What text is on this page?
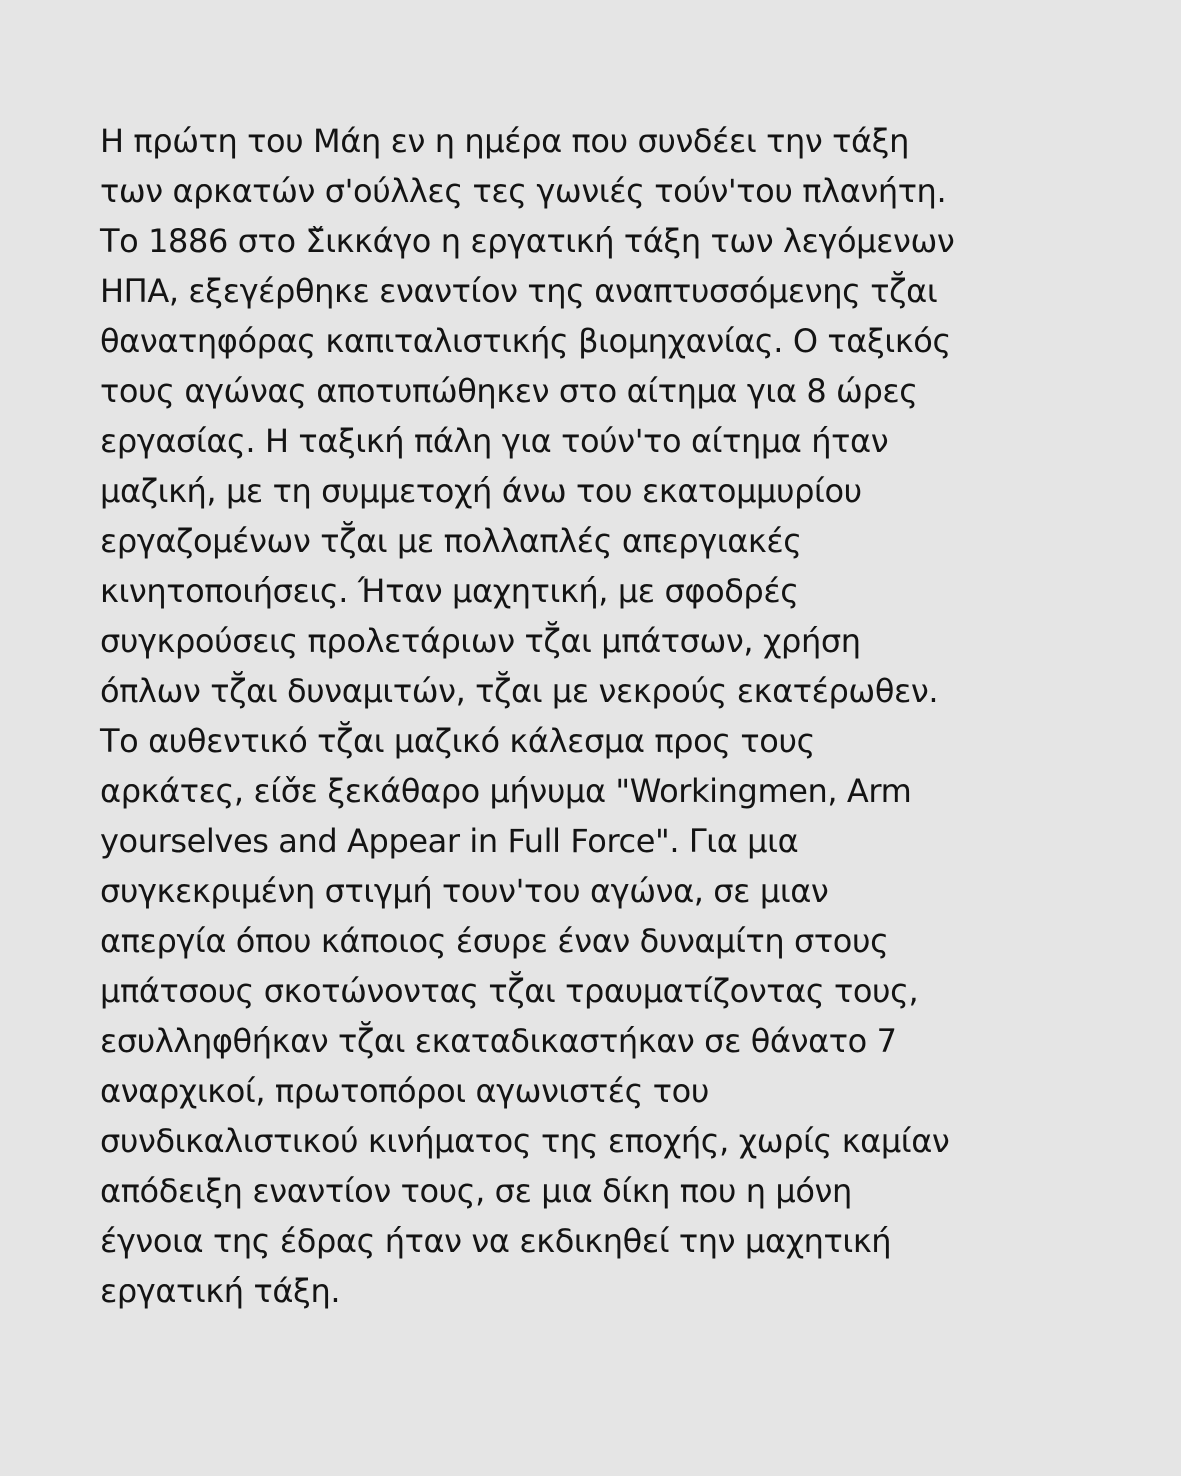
Η πρώτη του Μάη εν η ημέρα που συνδέει την τάξη
των αρκατών σ'ούλλες τες γωνιές τούν'του πλανήτη.
Το 1886 στο Σ̌ικκάγο η εργατική τάξη των λεγόμενων
ΗΠΑ, εξεγέρθηκε εναντίον της αναπτυσσόμενης τζ̆αι
θανατηφόρας καπιταλιστικής βιομηχανίας. Ο ταξικός
τους αγώνας αποτυπώθηκεν στο αίτημα για 8 ώρες
εργασίας. Η ταξική πάλη για τούν'το αίτημα ήταν
μαζική, με τη συμμετοχή άνω του εκατομμυρίου
εργαζομένων τζ̆αι με πολλαπλές απεργιακές
κινητοποιήσεις. Ήταν μαχητική, με σφοδρές
συγκρούσεις προλετάριων τζ̆αι μπάτσων, χρήση
όπλων τζ̆αι δυναμιτών, τζ̆αι με νεκρούς εκατέρωθεν.
Το αυθεντικό τζ̆αι μαζικό κάλεσμα προς τους
αρκάτες, είσ̌ε ξεκάθαρο μήνυμα "Workingmen, Arm
yourselves and Appear in Full Force". Για μια
συγκεκριμένη στιγμή τουν'του αγώνα, σε μιαν
απεργία όπου κάποιος έσυρε έναν δυναμίτη στους
μπάτσους σκοτώνοντας τζ̆αι τραυματίζοντας τους,
εσυλληφθήκαν τζ̆αι εκαταδικαστήκαν σε θάνατο 7
αναρχικοί, πρωτοπόροι αγωνιστές του
συνδικαλιστικού κινήματος της εποχής, χωρίς καμίαν
απόδειξη εναντίον τους, σε μια δίκη που η μόνη
έγνοια της έδρας ήταν να εκδικηθεί την μαχητική
εργατική τάξη.
